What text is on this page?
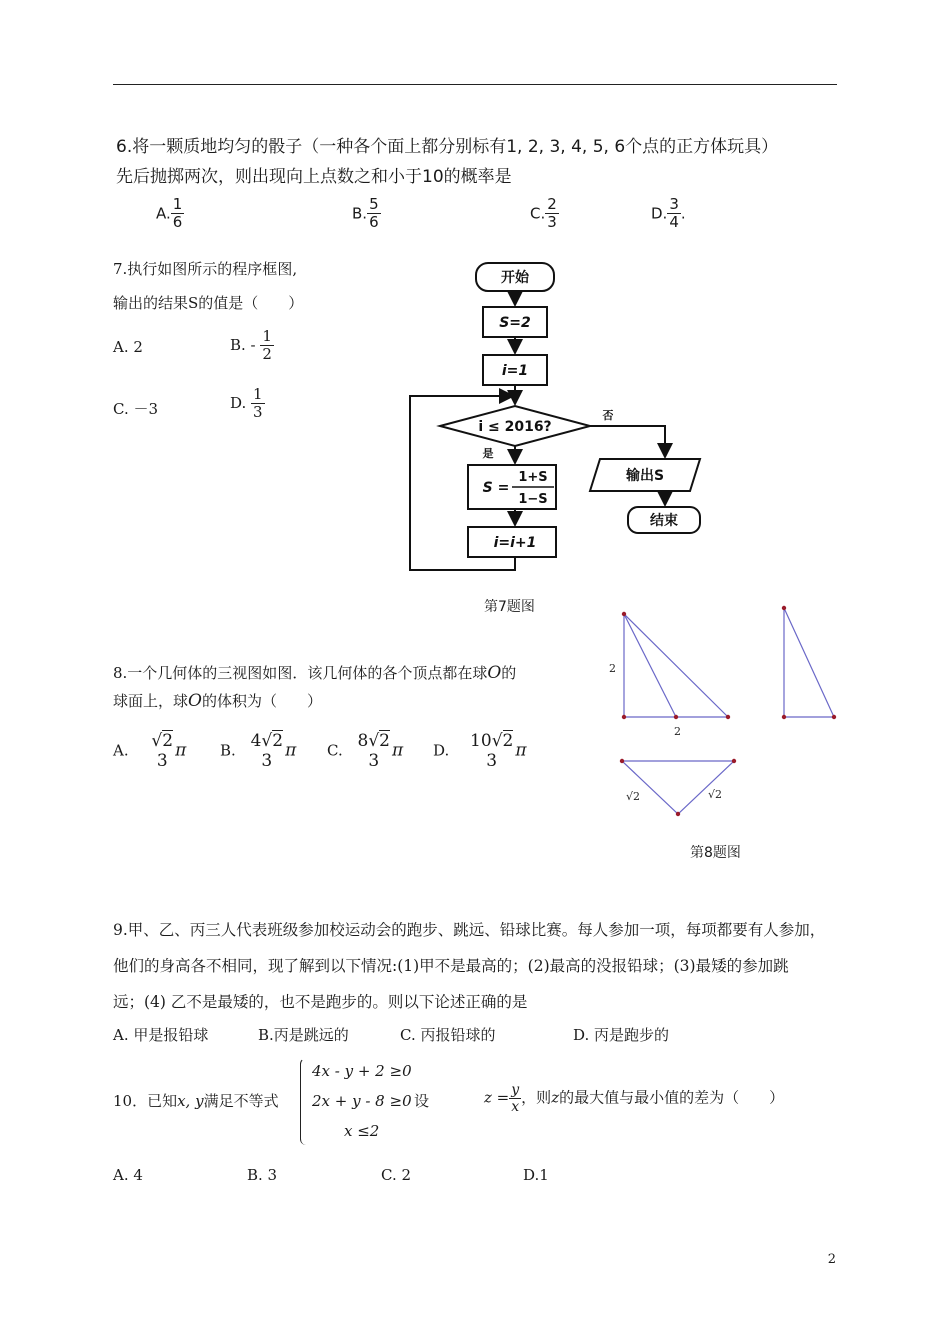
6.将一颗质地均匀的骰子（一种各个面上都分别标有1, 2, 3, 4, 5, 6个点的正方体玩具）
先后抛掷两次，则出现向上点数之和小于10的概率是
A. $\frac{1}{6}$	B. $\frac{5}{6}$	C. $\frac{2}{3}$	D. $\frac{3}{4}$ .
7.执行如图所示的程序框图,
输出的结果S的值是（　　）
A. 2	B. - $\frac{1}{2}$
C. －3	D. $\frac{1}{3}$
开始
S=2
i=1
i ≤ 2016?
是
否
S =
1+S
1−S
i=i+1
输出S
结束
第7题图
8.一个几何体的三视图如图．该几何体的各个顶点都在球O的
球面上，球O的体积为（　　）
A. √2
3 π B. 4√2
3 π C. 8√2
3 π D. 10√2
3	π
2
2
√2	√2
第8题图
9.甲、乙、丙三人代表班级参加校运动会的跑步、跳远、铅球比赛。每人参加一项，每项都要有人参加，
他们的身高各不相同，现了解到以下情况:(1)甲不是最高的；(2)最高的没报铅球；(3)最矮的参加跳
远；(4) 乙不是最矮的，也不是跑步的。则以下论述正确的是
A. 甲是报铅球	B.丙是跳远的	C. 丙报铅球的	D. 丙是跑步的
10．已知x, y满足不等式
4x - y + 2 ≥0
2x + y - 8 ≥0
x ≤2
设	$z = \frac{y}{x}$ ，则z的最大值与最小值的差为（　　）
A. 4	B. 3	C. 2	D.1
2
